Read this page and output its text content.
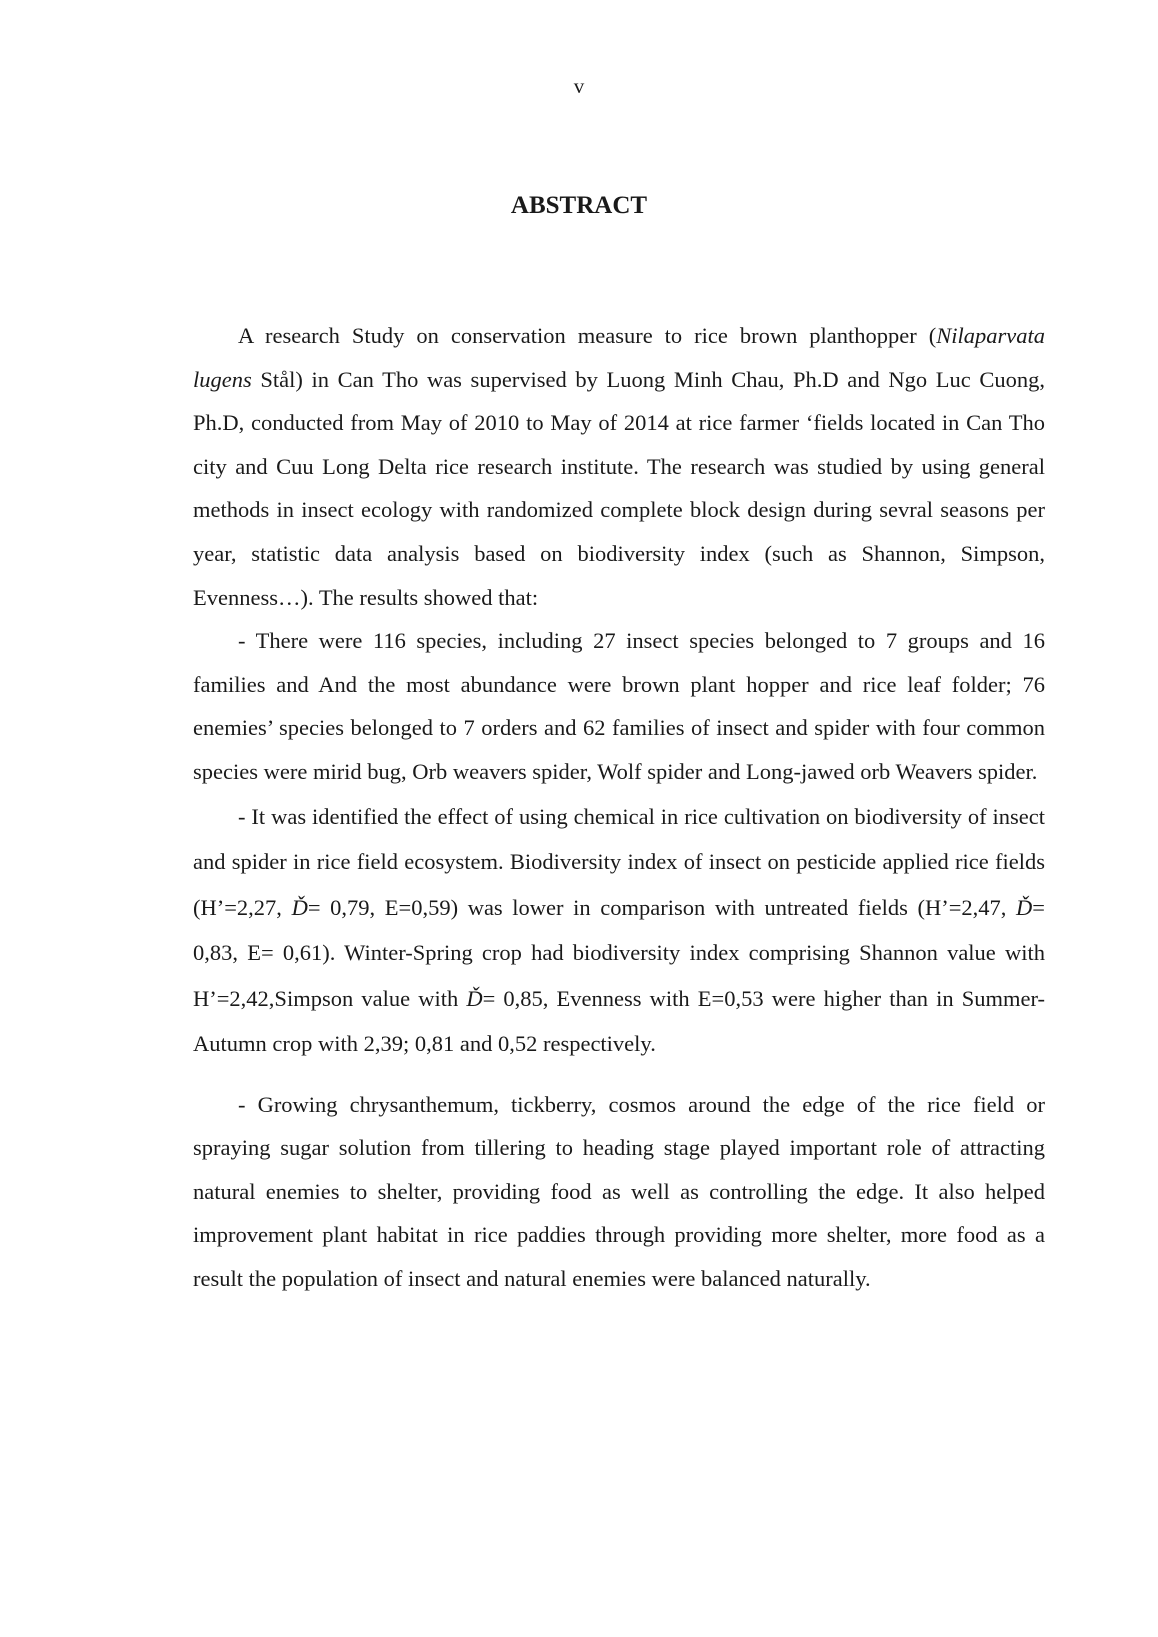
v
ABSTRACT

A research Study on conservation measure to rice brown planthopper (Nilaparvata lugens Stål) in Can Tho was supervised by Luong Minh Chau, Ph.D and Ngo Luc Cuong, Ph.D, conducted from May of 2010 to May of 2014 at rice farmer ‘fields located in Can Tho city and Cuu Long Delta rice research institute. The research was studied by using general methods in insect ecology with randomized complete block design during sevral seasons per year, statistic data analysis based on biodiversity index (such as Shannon, Simpson, Evenness…). The results showed that:

- There were 116 species, including 27 insect species belonged to 7 groups and 16 families and And the most abundance were brown plant hopper and rice leaf folder; 76 enemies’ species belonged to 7 orders and 62 families of insect and spider with four common species were mirid bug, Orb weavers spider, Wolf spider and Long-jawed orb Weavers spider.

- It was identified the effect of using chemical in rice cultivation on biodiversity of insect and spider in rice field ecosystem. Biodiversity index of insect on pesticide applied rice fields (H’=2,27, Ď= 0,79, E=0,59) was lower in comparison with untreated fields (H’=2,47, Ď= 0,83, E= 0,61). Winter-Spring crop had biodiversity index comprising Shannon value with H’=2,42,Simpson value with Ď= 0,85, Evenness with E=0,53 were higher than in Summer-Autumn crop with 2,39; 0,81 and 0,52 respectively.

- Growing chrysanthemum, tickberry, cosmos around the edge of the rice field or spraying sugar solution from tillering to heading stage played important role of attracting natural enemies to shelter, providing food as well as controlling the edge. It also helped improvement plant habitat in rice paddies through providing more shelter, more food as a result the population of insect and natural enemies were balanced naturally.
